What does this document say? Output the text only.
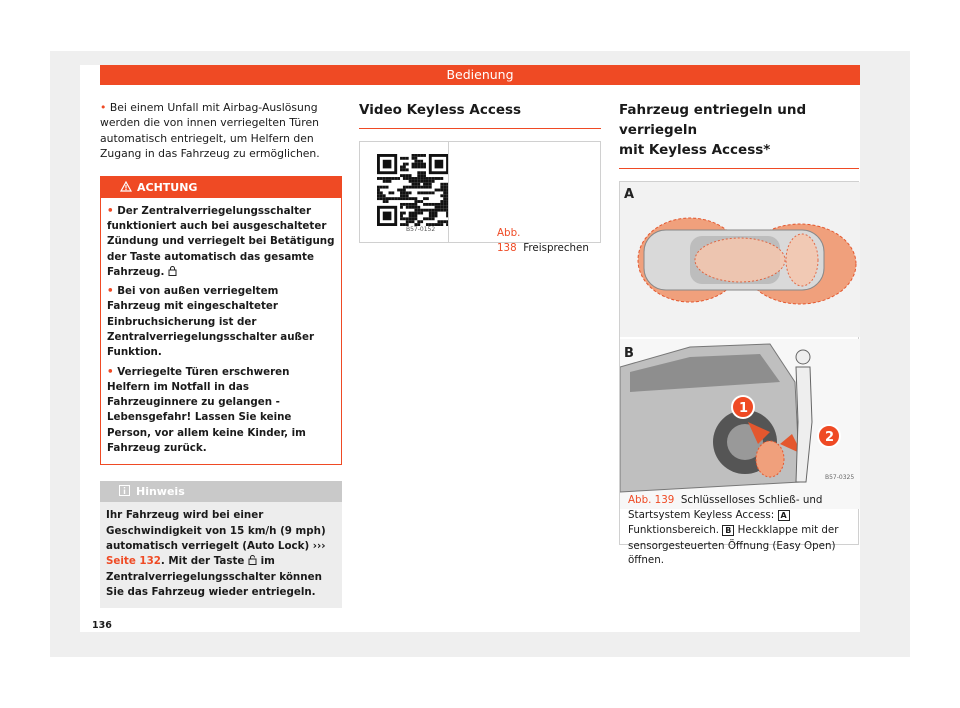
Bedienung

• Bei einem Unfall mit Airbag-Auslösung werden die von innen verriegelten Türen automatisch entriegelt, um Helfern den Zugang in das Fahrzeug zu ermöglichen.

ACHTUNG

• Der Zentralverriegelungsschalter funktioniert auch bei ausgeschalteter Zündung und verriegelt bei Betätigung der Taste automatisch das gesamte Fahrzeug.

• Bei von außen verriegeltem Fahrzeug mit eingeschalteter Einbruchsicherung ist der Zentralverriegelungsschalter außer Funktion.

• Verriegelte Türen erschweren Helfern im Notfall in das Fahrzeuginnere zu gelangen - Lebensgefahr! Lassen Sie keine Person, vor allem keine Kinder, im Fahrzeug zurück.

Hinweis
Ihr Fahrzeug wird bei einer Geschwindigkeit von 15 km/h (9 mph) automatisch verriegelt (Auto Lock) ››› Seite 132. Mit der Taste im Zentralverriegelungsschalter können Sie das Fahrzeug wieder entriegeln.
Video Keyless Access
B57-0152	Abb. 138 Freisprechen
Fahrzeug entriegeln und verriegeln
mit Keyless Access*
A
B
1
2
B57-0325
Abb. 139 Schlüsselloses Schließ- und Startsystem Keyless Access: A Funktionsbereich. B Heckklappe mit der sensorgesteuerten Öffnung (Easy Open) öffnen.
136
